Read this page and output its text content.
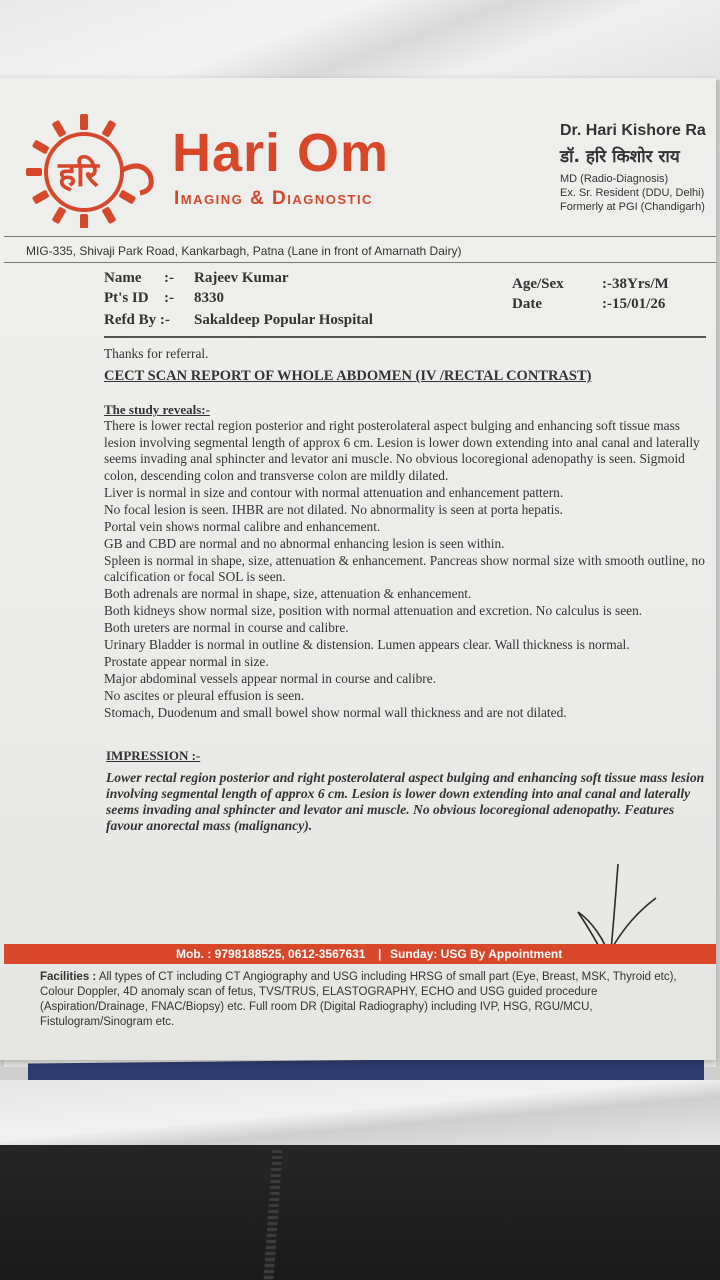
हरि Hari Om
Imaging & Diagnostic
Dr. Hari Kishore Ra
डॉ. हरि किशोर राय
MD (Radio-Diagnosis)
Ex. Sr. Resident (DDU, Delhi)
Formerly at PGI (Chandigarh)
MIG-335, Shivaji Park Road, Kankarbagh, Patna (Lane in front of Amarnath Dairy)
Name :- Rajeev Kumar
Pt's ID :- 8330
Refd By :- Sakaldeep Popular Hospital
Age/Sex	:-38Yrs/M
Date	:-15/01/26
Thanks for referral.
CECT SCAN REPORT OF WHOLE ABDOMEN (IV /RECTAL CONTRAST)
The study reveals:-

There is lower rectal region posterior and right posterolateral aspect bulging and enhancing soft tissue mass lesion involving segmental length of approx 6 cm. Lesion is lower down extending into anal canal and laterally seems invading anal sphincter and levator ani muscle. No obvious locoregional adenopathy is seen. Sigmoid colon, descending colon and transverse colon are mildly dilated.

Liver is normal in size and contour with normal attenuation and enhancement pattern.

No focal lesion is seen. IHBR are not dilated. No abnormality is seen at porta hepatis.

Portal vein shows normal calibre and enhancement.

GB and CBD are normal and no abnormal enhancing lesion is seen within.

Spleen is normal in shape, size, attenuation & enhancement. Pancreas show normal size with smooth outline, no calcification or focal SOL is seen.

Both adrenals are normal in shape, size, attenuation & enhancement.

Both kidneys show normal size, position with normal attenuation and excretion. No calculus is seen.

Both ureters are normal in course and calibre.

Urinary Bladder is normal in outline & distension. Lumen appears clear. Wall thickness is normal.

Prostate appear normal in size.

Major abdominal vessels appear normal in course and calibre.

No ascites or pleural effusion is seen.

Stomach, Duodenum and small bowel show normal wall thickness and are not dilated.

IMPRESSION :-
Lower rectal region posterior and right posterolateral aspect bulging and enhancing soft tissue mass lesion involving segmental length of approx 6 cm. Lesion is lower down extending into anal canal and laterally seems invading anal sphincter and levator ani muscle. No obvious locoregional adenopathy. Features favour anorectal mass (malignancy).
Mob. : 9798188525, 0612-3567631 | Sunday: USG By Appointment
Facilities : All types of CT including CT Angiography and USG including HRSG of small part (Eye, Breast, MSK, Thyroid etc), Colour Doppler, 4D anomaly scan of fetus, TVS/TRUS, ELASTOGRAPHY, ECHO and USG guided procedure (Aspiration/Drainage, FNAC/Biopsy) etc. Full room DR (Digital Radiography) including IVP, HSG, RGU/MCU, Fistulogram/Sinogram etc.
